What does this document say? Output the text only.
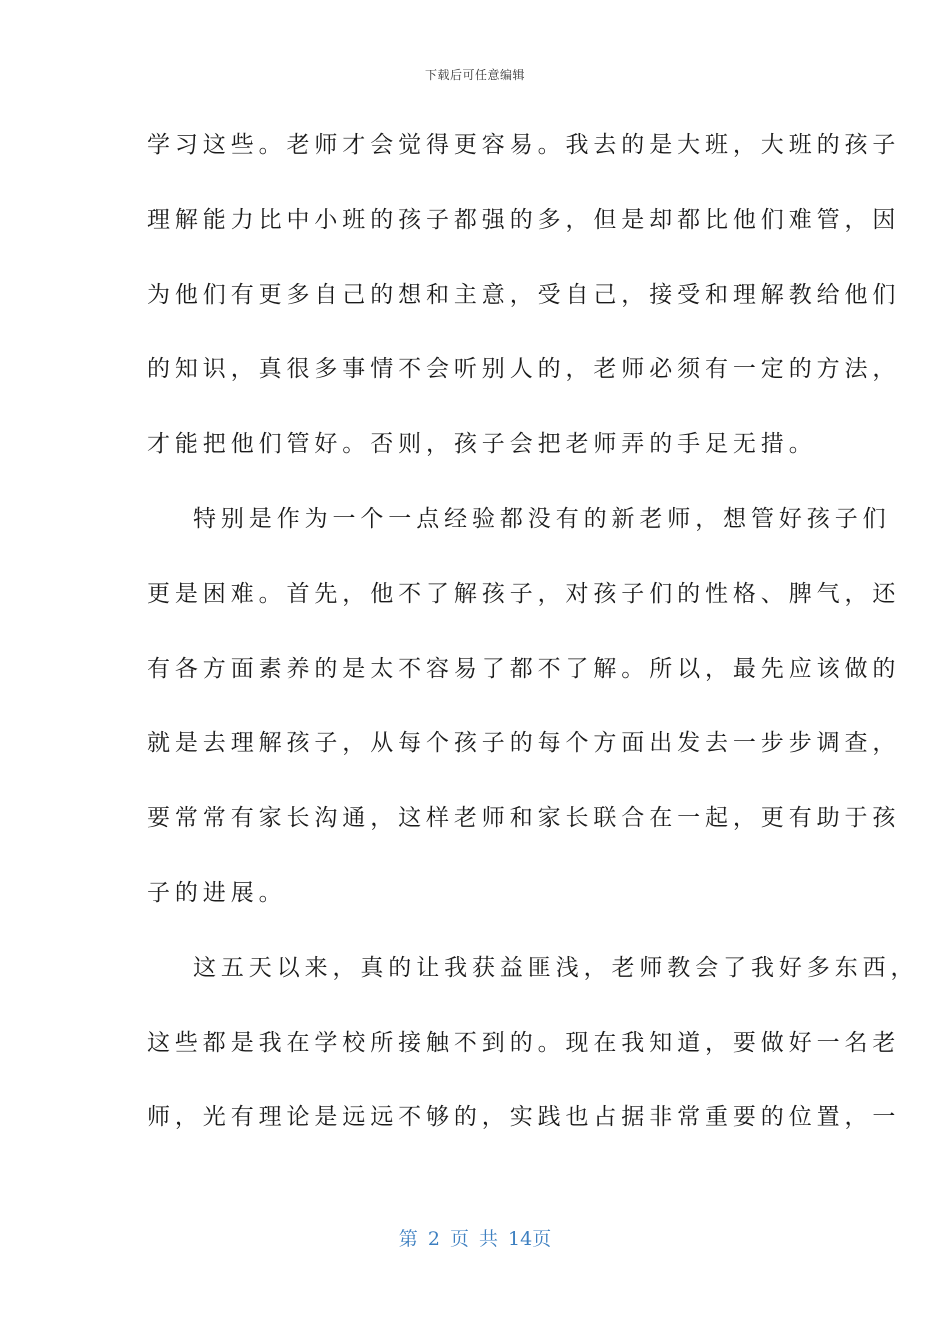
下载后可任意编辑
学习这些。老师才会觉得更容易。我去的是大班，大班的孩子
理解能力比中小班的孩子都强的多，但是却都比他们难管，因
为他们有更多自己的想和主意，受自己，接受和理解教给他们
的知识，真很多事情不会听别人的，老师必须有一定的方法，
才能把他们管好。否则，孩子会把老师弄的手足无措。
特别是作为一个一点经验都没有的新老师，想管好孩子们
更是困难。首先，他不了解孩子，对孩子们的性格、脾气，还
有各方面素养的是太不容易了都不了解。所以，最先应该做的
就是去理解孩子，从每个孩子的每个方面出发去一步步调查，
要常常有家长沟通，这样老师和家长联合在一起，更有助于孩
子的进展。
这五天以来，真的让我获益匪浅，老师教会了我好多东西，
这些都是我在学校所接触不到的。现在我知道，要做好一名老
师，光有理论是远远不够的，实践也占据非常重要的位置，一
第 2 页 共 14页
